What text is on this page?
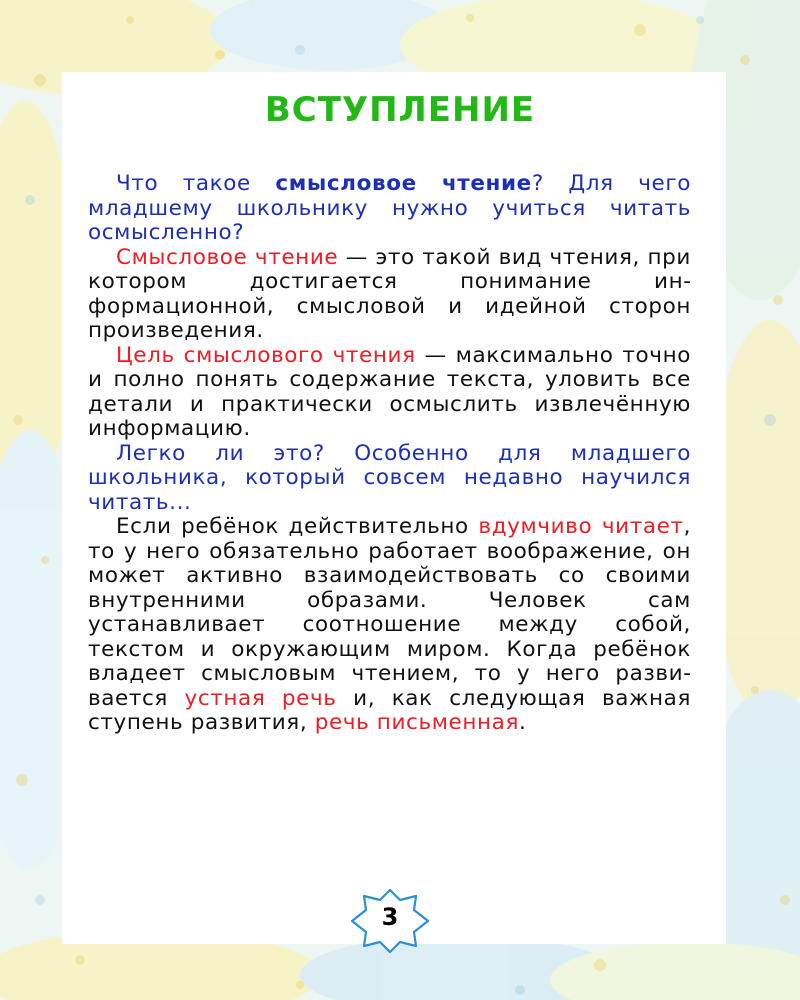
ВСТУПЛЕНИЕ

Что такое смысловое чтение? Для чего младшему школьнику нужно учиться читать осмысленно?

Смысловое чтение — это такой вид чтения, при котором достигается понимание информационной, смысловой и идейной сторон произведения.

Цель смыслового чтения — максимально точно и полно понять содержание текста, уловить все детали и практически осмыслить извлечённую информацию.

Легко ли это? Особенно для младшего школьника, который совсем недавно научился читать...

Если ребёнок действительно вдумчиво читает, то у него обязательно работает воображение, он может активно взаимодействовать со своими внутренними образами. Человек сам устанавливает соотношение между собой, текстом и окружающим миром. Когда ребёнок владеет смысловым чтением, то у него развивается устная речь и, как следующая важная ступень развития, речь письменная.

3
